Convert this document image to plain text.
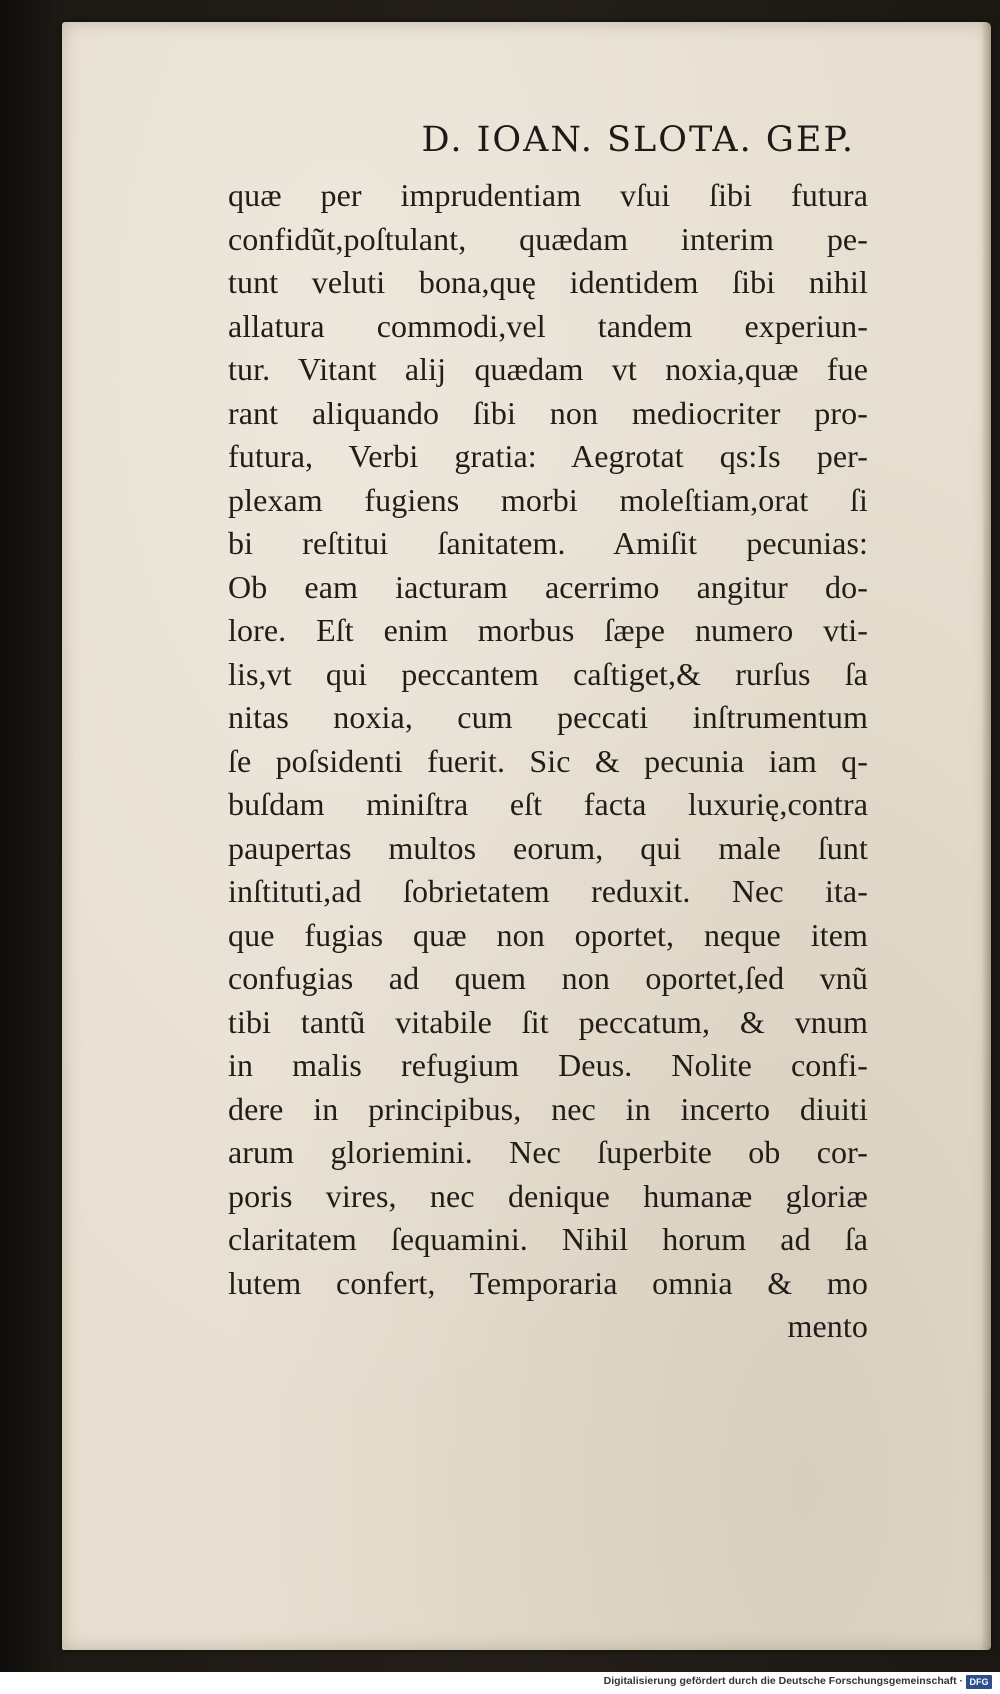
D. IOAN. SLOTA. GEP.
quæ per imprudentiam vſui ſibi futura
confidũt,poſtulant, quædam interim pe-
tunt veluti bona,quę identidem ſibi nihil
allatura commodi,vel tandem experiun-
tur. Vitant alij quædam vt noxia,quæ fue
rant aliquando ſibi non mediocriter pro-
futura, Verbi gratia: Aegrotat qs:Is per-
plexam fugiens morbi moleſtiam,orat ſi
bi reſtitui ſanitatem. Amiſit pecunias:
Ob eam iacturam acerrimo angitur do-
lore. Eſt enim morbus ſæpe numero vti-
lis,vt qui peccantem caſtiget,& rurſus ſa
nitas noxia, cum peccati inſtrumentum
ſe poſsidenti fuerit. Sic & pecunia iam q-
buſdam miniſtra eſt facta luxurię,contra
paupertas multos eorum, qui male ſunt
inſtituti,ad ſobrietatem reduxit. Nec ita-
que fugias quæ non oportet, neque item
confugias ad quem non oportet,ſed vnũ
tibi tantũ vitabile ſit peccatum, & vnum
in malis refugium Deus. Nolite confi-
dere in principibus, nec in incerto diuiti
arum gloriemini. Nec ſuperbite ob cor-
poris vires, nec denique humanæ gloriæ
claritatem ſequamini. Nihil horum ad ſa
lutem confert, Temporaria omnia & mo
mento
Digitalisierung gefördert durch die Deutsche Forschungsgemeinschaft · DFG
